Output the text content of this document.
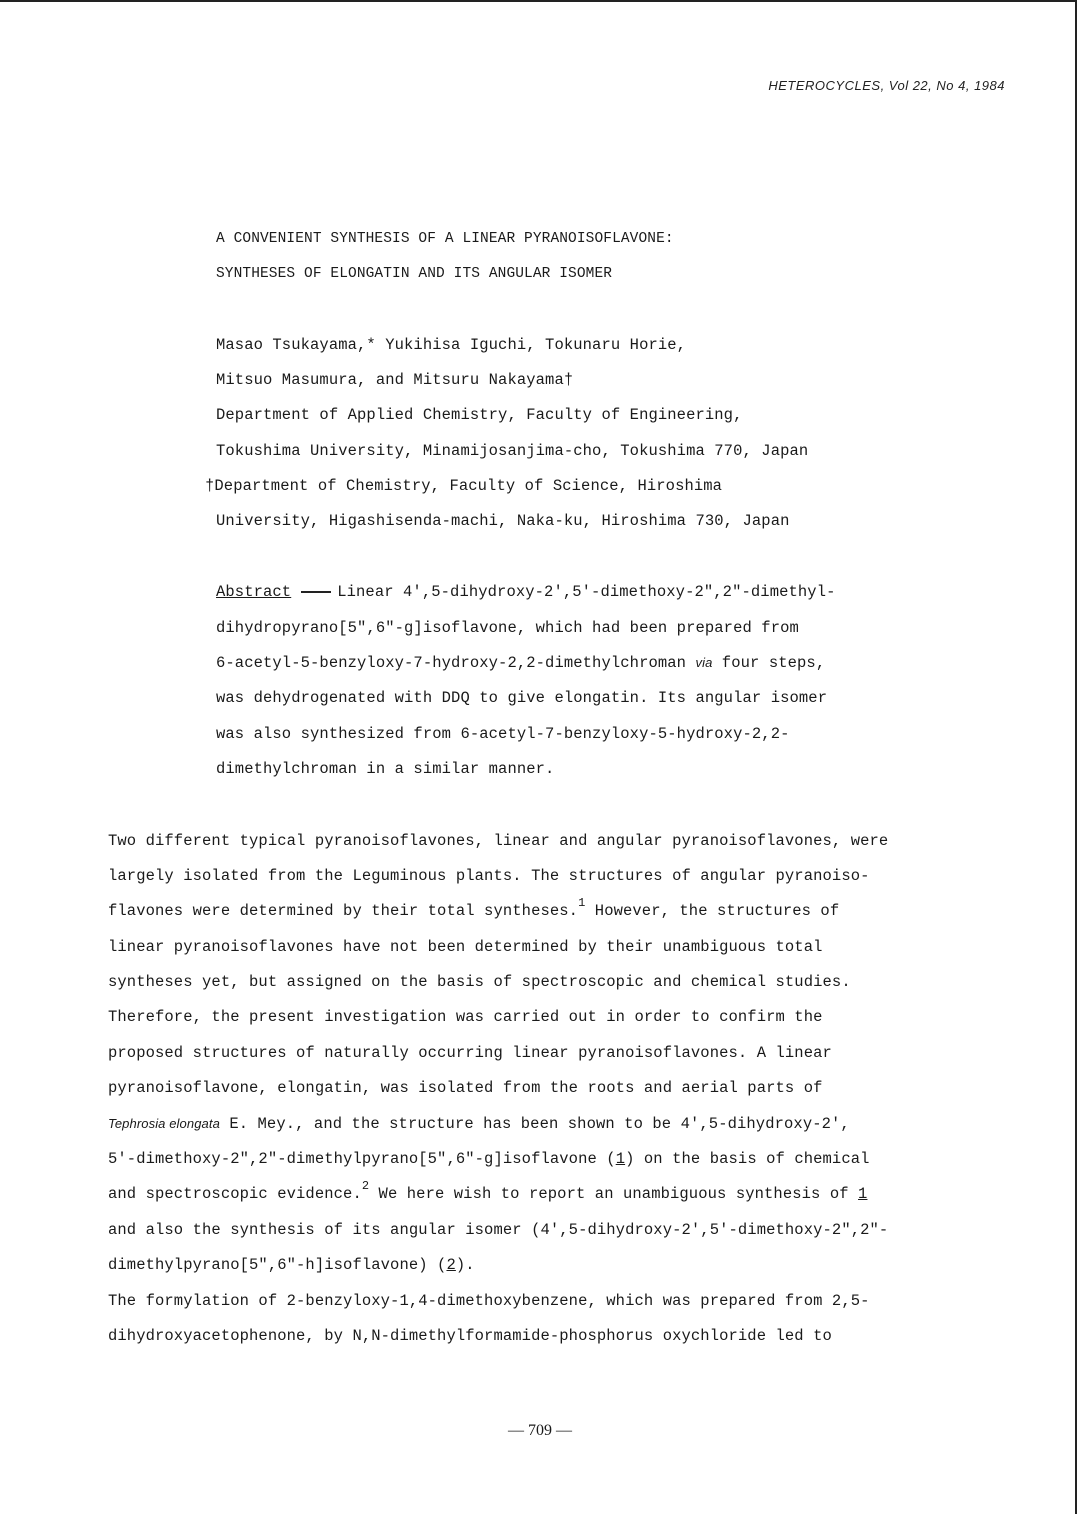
HETEROCYCLES, Vol 22, No 4, 1984
A CONVENIENT SYNTHESIS OF A LINEAR PYRANOISOFLAVONE:
SYNTHESES OF ELONGATIN AND ITS ANGULAR ISOMER
Masao Tsukayama,* Yukihisa Iguchi, Tokunaru Horie,
Mitsuo Masumura, and Mitsuru Nakayama†
Department of Applied Chemistry, Faculty of Engineering,
Tokushima University, Minamijosanjima-cho, Tokushima 770, Japan
†Department of Chemistry, Faculty of Science, Hiroshima
University, Higashisenda-machi, Naka-ku, Hiroshima 730, Japan
Abstract	Linear 4',5-dihydroxy-2',5'-dimethoxy-2",2"-dimethyl-
dihydropyrano[5",6"-g]isoflavone, which had been prepared from
6-acetyl-5-benzyloxy-7-hydroxy-2,2-dimethylchroman via four steps,
was dehydrogenated with DDQ to give elongatin. Its angular isomer
was also synthesized from 6-acetyl-7-benzyloxy-5-hydroxy-2,2-
dimethylchroman in a similar manner.
Two different typical pyranoisoflavones, linear and angular pyranoisoflavones, were
largely isolated from the Leguminous plants. The structures of angular pyranoiso-
flavones were determined by their total syntheses.$^1$ However, the structures of
linear pyranoisoflavones have not been determined by their unambiguous total
syntheses yet, but assigned on the basis of spectroscopic and chemical studies.
Therefore, the present investigation was carried out in order to confirm the
proposed structures of naturally occurring linear pyranoisoflavones. A linear
pyranoisoflavone, elongatin, was isolated from the roots and aerial parts of
Tephrosia elongata E. Mey., and the structure has been shown to be 4',5-dihydroxy-2',
5'-dimethoxy-2",2"-dimethylpyrano[5",6"-g]isoflavone (1) on the basis of chemical
and spectroscopic evidence.$^2$ We here wish to report an unambiguous synthesis of 1
and also the synthesis of its angular isomer (4',5-dihydroxy-2',5'-dimethoxy-2",2"-
dimethylpyrano[5",6"-h]isoflavone) (2).
The formylation of 2-benzyloxy-1,4-dimethoxybenzene, which was prepared from 2,5-
dihydroxyacetophenone, by N,N-dimethylformamide-phosphorus oxychloride led to
— 709 —
